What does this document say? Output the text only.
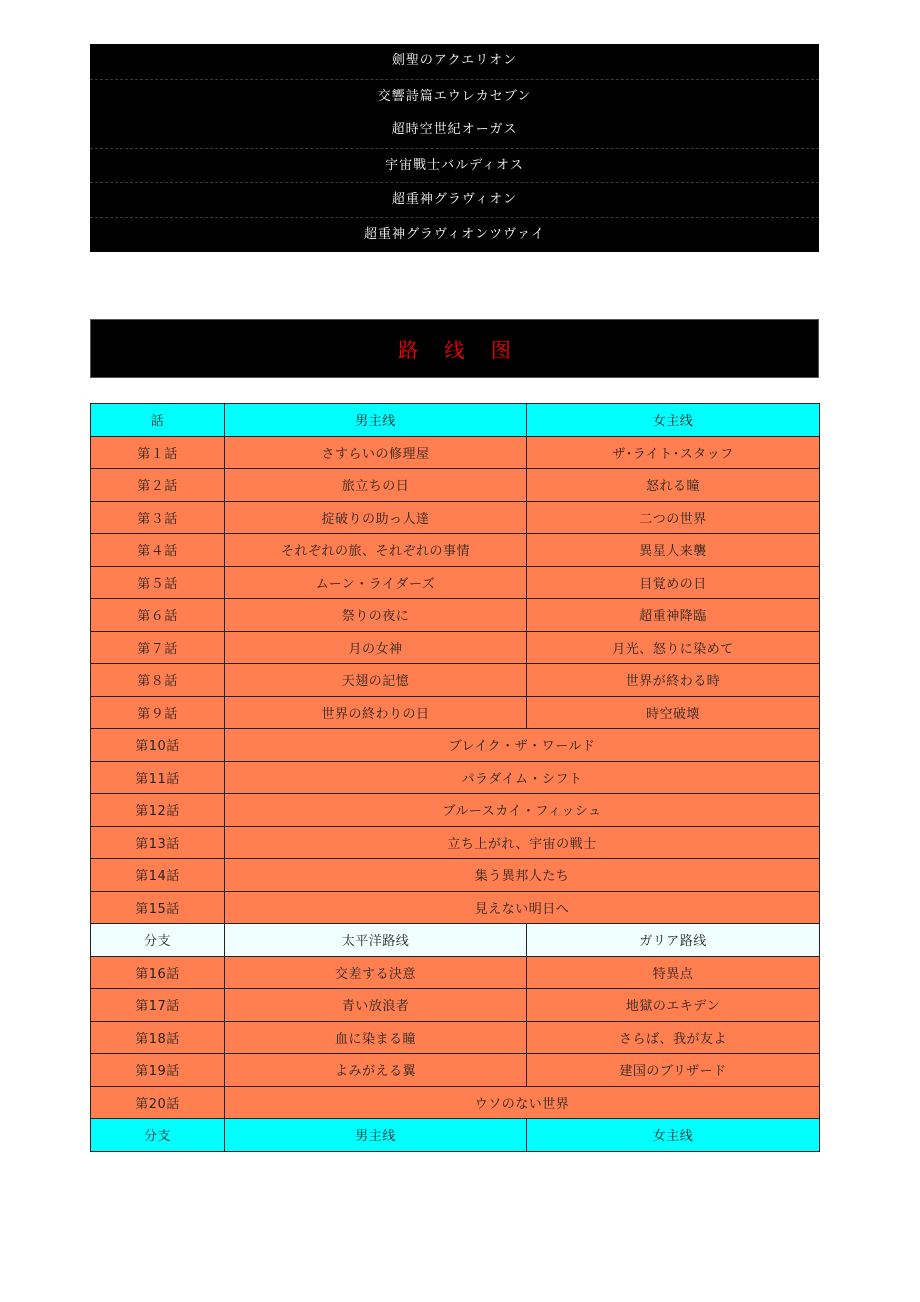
劍聖のアクエリオン
交響詩篇エウレカセブン
超時空世紀オーガス
宇宙戰士バルディオス
超重神グラヴィオン
超重神グラヴィオンツヴァイ
路 线 图
話	男主线	女主线
第１話	さすらいの修理屋	ザ･ライト･スタッフ
第２話	旅立ちの日	怒れる瞳
第３話	掟破りの助っ人達	二つの世界
第４話	それぞれの旅、それぞれの事情	異星人来襲
第５話	ムーン・ライダーズ	目覚めの日
第６話	祭りの夜に	超重神降臨
第７話	月の女神	月光、怒りに染めて
第８話	天翅の記憶	世界が終わる時
第９話	世界の終わりの日	時空破壊
第10話	ブレイク・ザ・ワールド	
第11話	パラダイム・シフト	
第12話	ブルースカイ・フィッシュ	
第13話	立ち上がれ、宇宙の戦士	
第14話	集う異邦人たち	
第15話	見えない明日へ	
分支	太平洋路线	ガリア路线
第16話	交差する決意	特異点
第17話	青い放浪者	地獄のエキデン
第18話	血に染まる瞳	さらば、我が友よ
第19話	よみがえる翼	建国のブリザード
第20話	ウソのない世界	
分支	男主线	女主线
